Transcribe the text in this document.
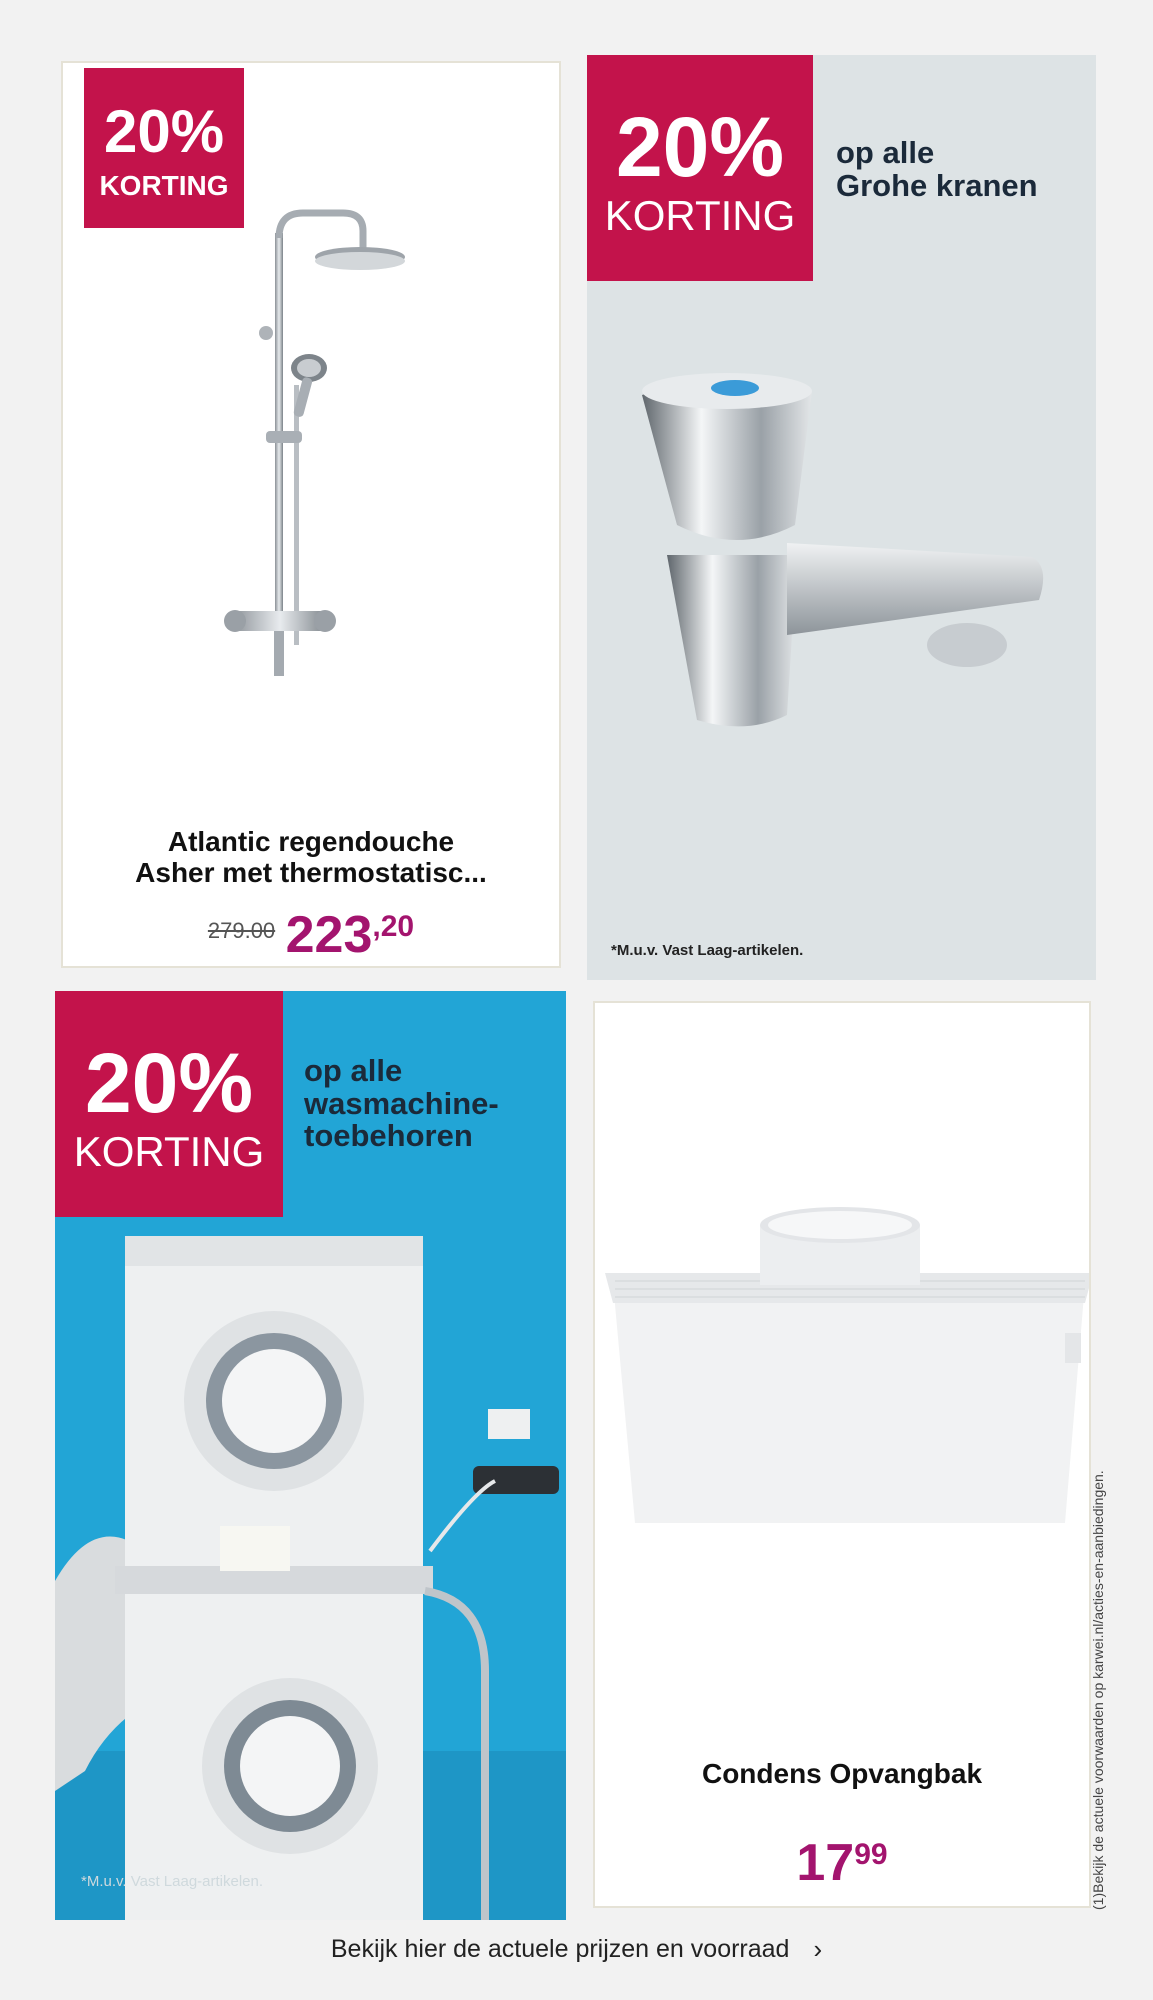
20%
KORTING
Atlantic regendouche
Asher met thermostatisc...
279.00 223,20
20%
KORTING
op alle
Grohe kranen
*M.u.v. Vast Laag-artikelen.
20%
KORTING
op alle
wasmachine-
toebehoren
*M.u.v. Vast Laag-artikelen.
Condens Opvangbak
1799	(1)Bekijk de actuele voorwaarden op karwei.nl/acties-en-aanbiedingen.
Bekijk hier de actuele prijzen en voorraad ›
